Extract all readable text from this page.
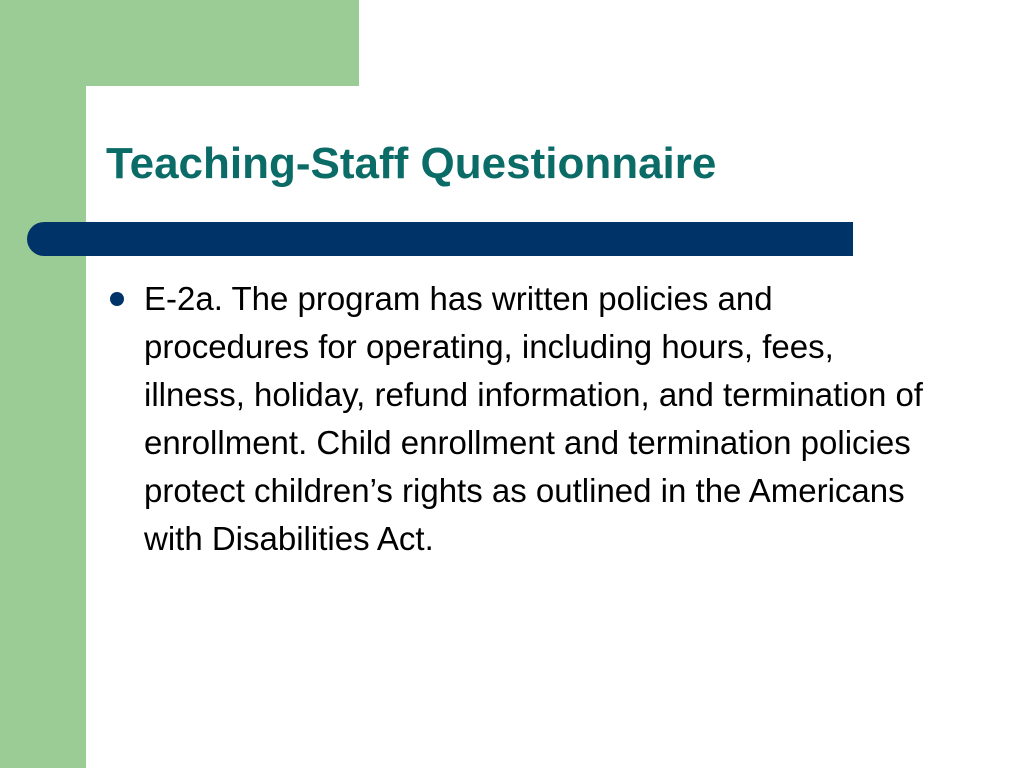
Teaching-Staff Questionnaire
E-2a. The program has written policies and procedures for operating, including hours, fees, illness, holiday, refund information, and termination of enrollment. Child enrollment and termination policies protect children’s rights as outlined in the Americans with Disabilities Act.
